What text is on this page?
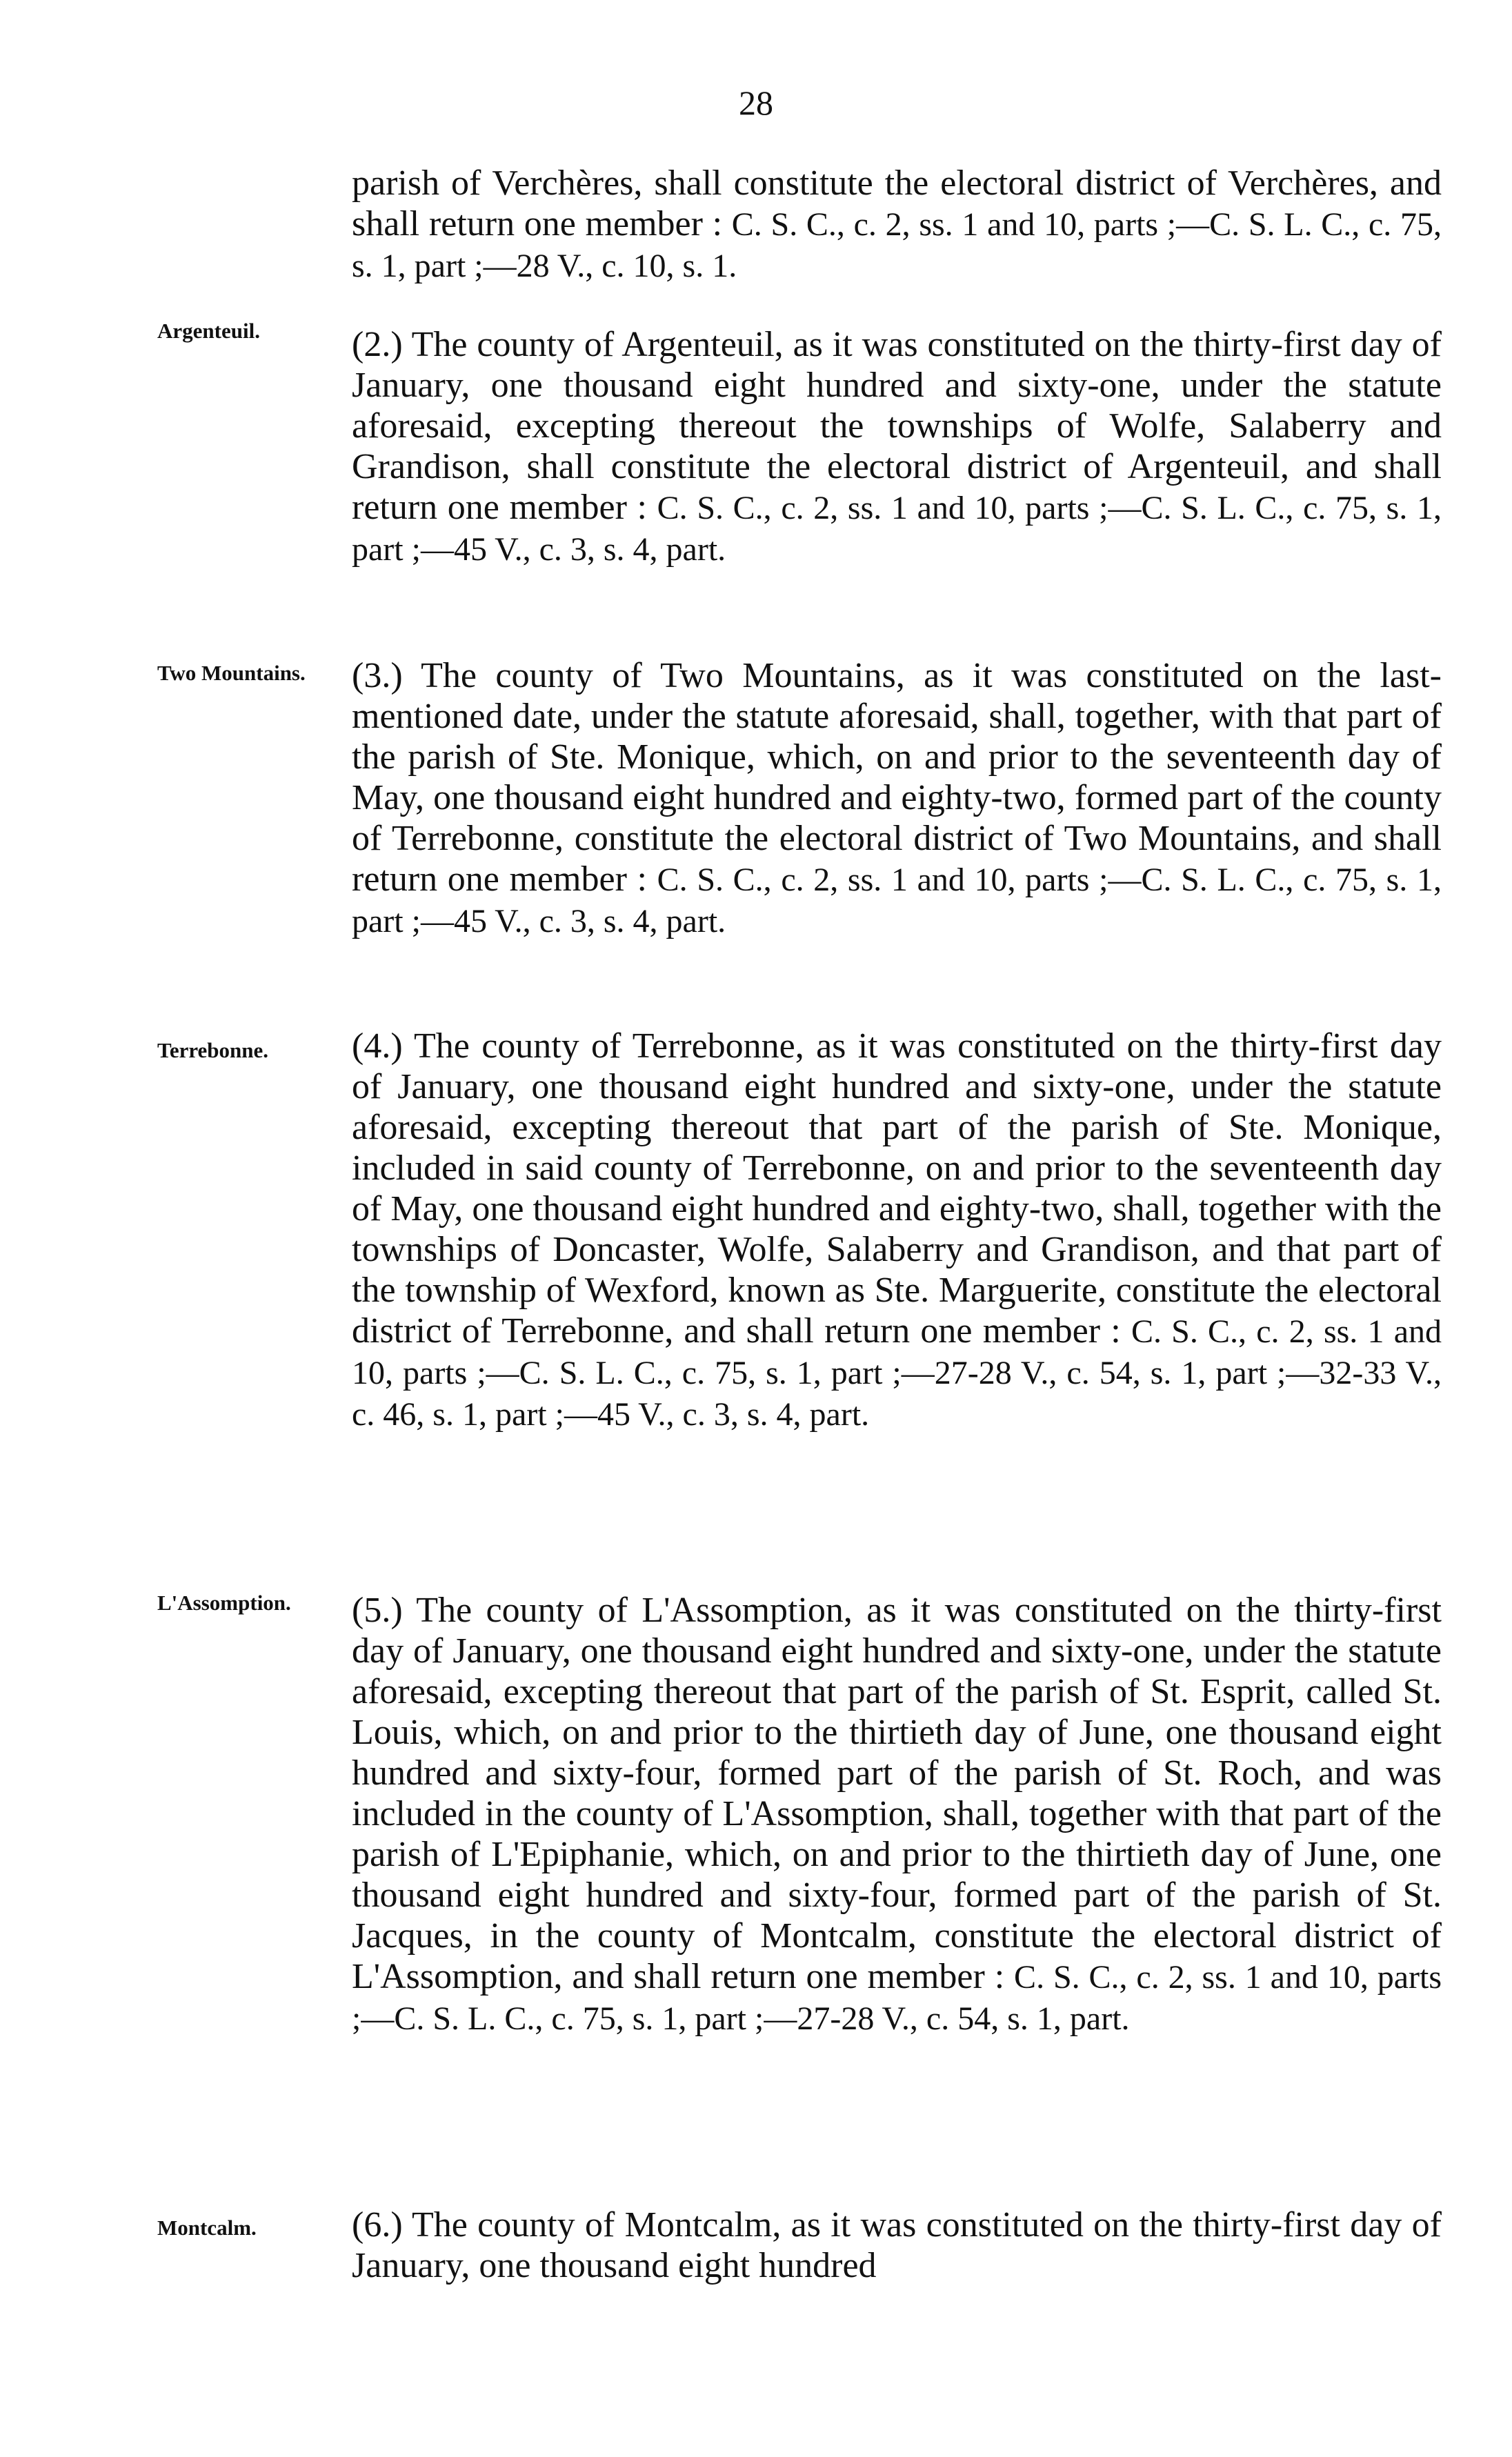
28
parish of Verchères, shall constitute the electoral district of Verchères, and shall return one member : C. S. C., c. 2, ss. 1 and 10, parts ;—C. S. L. C., c. 75, s. 1, part ;—28 V., c. 10, s. 1.
Argenteuil.	(2.) The county of Argenteuil, as it was constituted on the thirty-first day of January, one thousand eight hundred and sixty-one, under the statute aforesaid, excepting thereout the townships of Wolfe, Salaberry and Grandison, shall constitute the electoral district of Argenteuil, and shall return one member : C. S. C., c. 2, ss. 1 and 10, parts ;—C. S. L. C., c. 75, s. 1, part ;—45 V., c. 3, s. 4, part.
Two Mountains.	(3.) The county of Two Mountains, as it was constituted on the last-mentioned date, under the statute aforesaid, shall, together, with that part of the parish of Ste. Monique, which, on and prior to the seventeenth day of May, one thousand eight hundred and eighty-two, formed part of the county of Terrebonne, constitute the electoral district of Two Mountains, and shall return one member : C. S. C., c. 2, ss. 1 and 10, parts ;—C. S. L. C., c. 75, s. 1, part ;—45 V., c. 3, s. 4, part.
Terrebonne.	(4.) The county of Terrebonne, as it was constituted on the thirty-first day of January, one thousand eight hundred and sixty-one, under the statute aforesaid, excepting thereout that part of the parish of Ste. Monique, included in said county of Terrebonne, on and prior to the seventeenth day of May, one thousand eight hundred and eighty-two, shall, together with the townships of Doncaster, Wolfe, Salaberry and Grandison, and that part of the township of Wexford, known as Ste. Marguerite, constitute the electoral district of Terrebonne, and shall return one member : C. S. C., c. 2, ss. 1 and 10, parts ;—C. S. L. C., c. 75, s. 1, part ;—27-28 V., c. 54, s. 1, part ;—32-33 V., c. 46, s. 1, part ;—45 V., c. 3, s. 4, part.
L'Assomption.	(5.) The county of L'Assomption, as it was constituted on the thirty-first day of January, one thousand eight hundred and sixty-one, under the statute aforesaid, excepting thereout that part of the parish of St. Esprit, called St. Louis, which, on and prior to the thirtieth day of June, one thousand eight hundred and sixty-four, formed part of the parish of St. Roch, and was included in the county of L'Assomption, shall, together with that part of the parish of L'Epiphanie, which, on and prior to the thirtieth day of June, one thousand eight hundred and sixty-four, formed part of the parish of St. Jacques, in the county of Montcalm, constitute the electoral district of L'Assomption, and shall return one member : C. S. C., c. 2, ss. 1 and 10, parts ;—C. S. L. C., c. 75, s. 1, part ;—27-28 V., c. 54, s. 1, part.
Montcalm.	(6.) The county of Montcalm, as it was constituted on the thirty-first day of January, one thousand eight hundred
